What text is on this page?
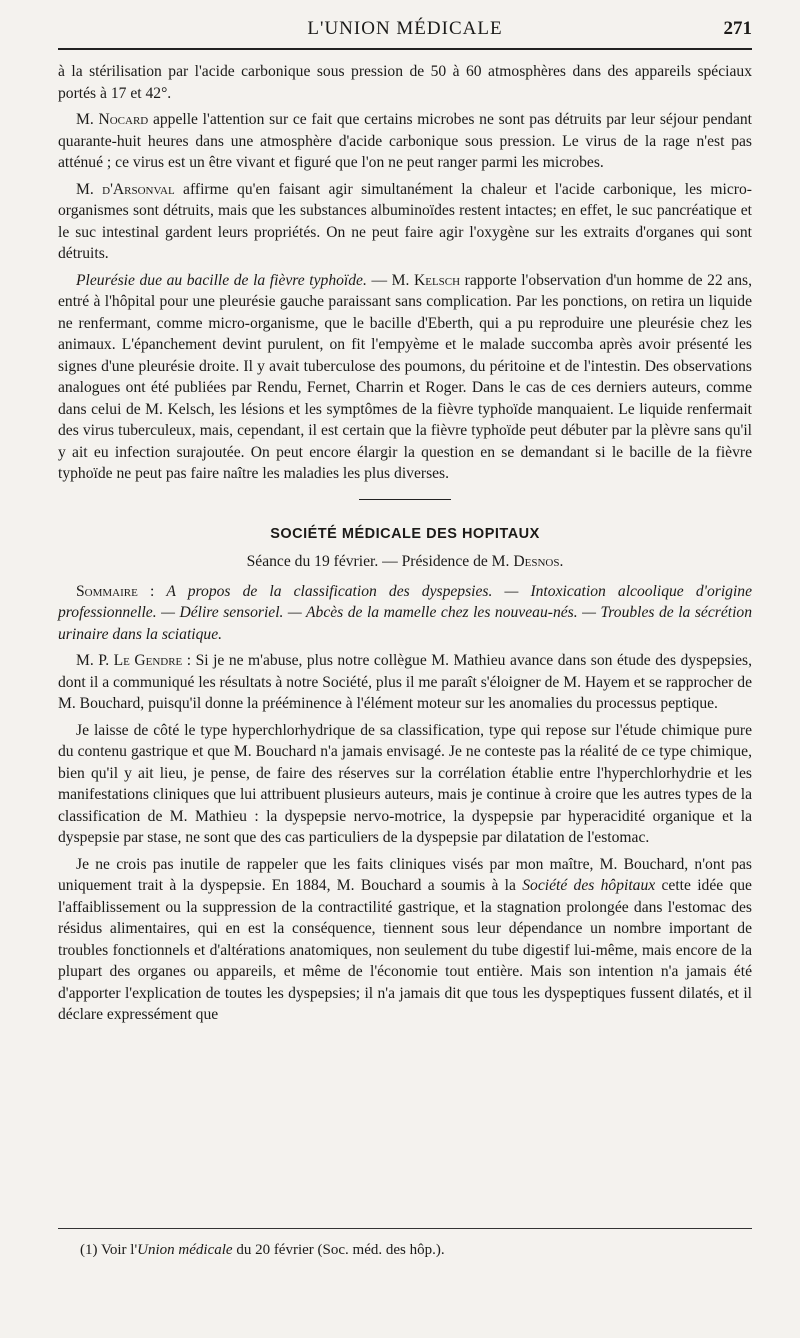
L'UNION MÉDICALE	271

à la stérilisation par l'acide carbonique sous pression de 50 à 60 atmosphères dans des appareils spéciaux portés à 17 et 42°.

M. Nocard appelle l'attention sur ce fait que certains microbes ne sont pas détruits par leur séjour pendant quarante-huit heures dans une atmosphère d'acide carbonique sous pression. Le virus de la rage n'est pas atténué ; ce virus est un être vivant et figuré que l'on ne peut ranger parmi les microbes.

M. d'Arsonval affirme qu'en faisant agir simultanément la chaleur et l'acide carbonique, les micro-organismes sont détruits, mais que les substances albuminoïdes restent intactes; en effet, le suc pancréatique et le suc intestinal gardent leurs propriétés. On ne peut faire agir l'oxygène sur les extraits d'organes qui sont détruits.

Pleurésie due au bacille de la fièvre typhoïde. — M. Kelsch rapporte l'observation d'un homme de 22 ans, entré à l'hôpital pour une pleurésie gauche paraissant sans complication. Par les ponctions, on retira un liquide ne renfermant, comme micro-organisme, que le bacille d'Eberth, qui a pu reproduire une pleurésie chez les animaux. L'épanchement devint purulent, on fit l'empyème et le malade succomba après avoir présenté les signes d'une pleurésie droite. Il y avait tuberculose des poumons, du péritoine et de l'intestin. Des observations analogues ont été publiées par Rendu, Fernet, Charrin et Roger. Dans le cas de ces derniers auteurs, comme dans celui de M. Kelsch, les lésions et les symptômes de la fièvre typhoïde manquaient. Le liquide renfermait des virus tuberculeux, mais, cependant, il est certain que la fièvre typhoïde peut débuter par la plèvre sans qu'il y ait eu infection surajoutée. On peut encore élargir la question en se demandant si le bacille de la fièvre typhoïde ne peut pas faire naître les maladies les plus diverses.

SOCIÉTÉ MÉDICALE DES HOPITAUX
Séance du 19 février. — Présidence de M. Desnos.

Sommaire : A propos de la classification des dyspepsies. — Intoxication alcoolique d'origine professionnelle. — Délire sensoriel. — Abcès de la mamelle chez les nouveau-nés. — Troubles de la sécrétion urinaire dans la sciatique.

M. P. Le Gendre : Si je ne m'abuse, plus notre collègue M. Mathieu avance dans son étude des dyspepsies, dont il a communiqué les résultats à notre Société, plus il me paraît s'éloigner de M. Hayem et se rapprocher de M. Bouchard, puisqu'il donne la prééminence à l'élément moteur sur les anomalies du processus peptique.

Je laisse de côté le type hyperchlorhydrique de sa classification, type qui repose sur l'étude chimique pure du contenu gastrique et que M. Bouchard n'a jamais envisagé. Je ne conteste pas la réalité de ce type chimique, bien qu'il y ait lieu, je pense, de faire des réserves sur la corrélation établie entre l'hyperchlorhydrie et les manifestations cliniques que lui attribuent plusieurs auteurs, mais je continue à croire que les autres types de la classification de M. Mathieu : la dyspepsie nervo-motrice, la dyspepsie par hyperacidité organique et la dyspepsie par stase, ne sont que des cas particuliers de la dyspepsie par dilatation de l'estomac.

Je ne crois pas inutile de rappeler que les faits cliniques visés par mon maître, M. Bouchard, n'ont pas uniquement trait à la dyspepsie. En 1884, M. Bouchard a soumis à la Société des hôpitaux cette idée que l'affaiblissement ou la suppression de la contractilité gastrique, et la stagnation prolongée dans l'estomac des résidus alimentaires, qui en est la conséquence, tiennent sous leur dépendance un nombre important de troubles fonctionnels et d'altérations anatomiques, non seulement du tube digestif lui-même, mais encore de la plupart des organes ou appareils, et même de l'économie tout entière. Mais son intention n'a jamais été d'apporter l'explication de toutes les dyspepsies; il n'a jamais dit que tous les dyspeptiques fussent dilatés, et il déclare expressément que

(1) Voir l'Union médicale du 20 février (Soc. méd. des hôp.).
